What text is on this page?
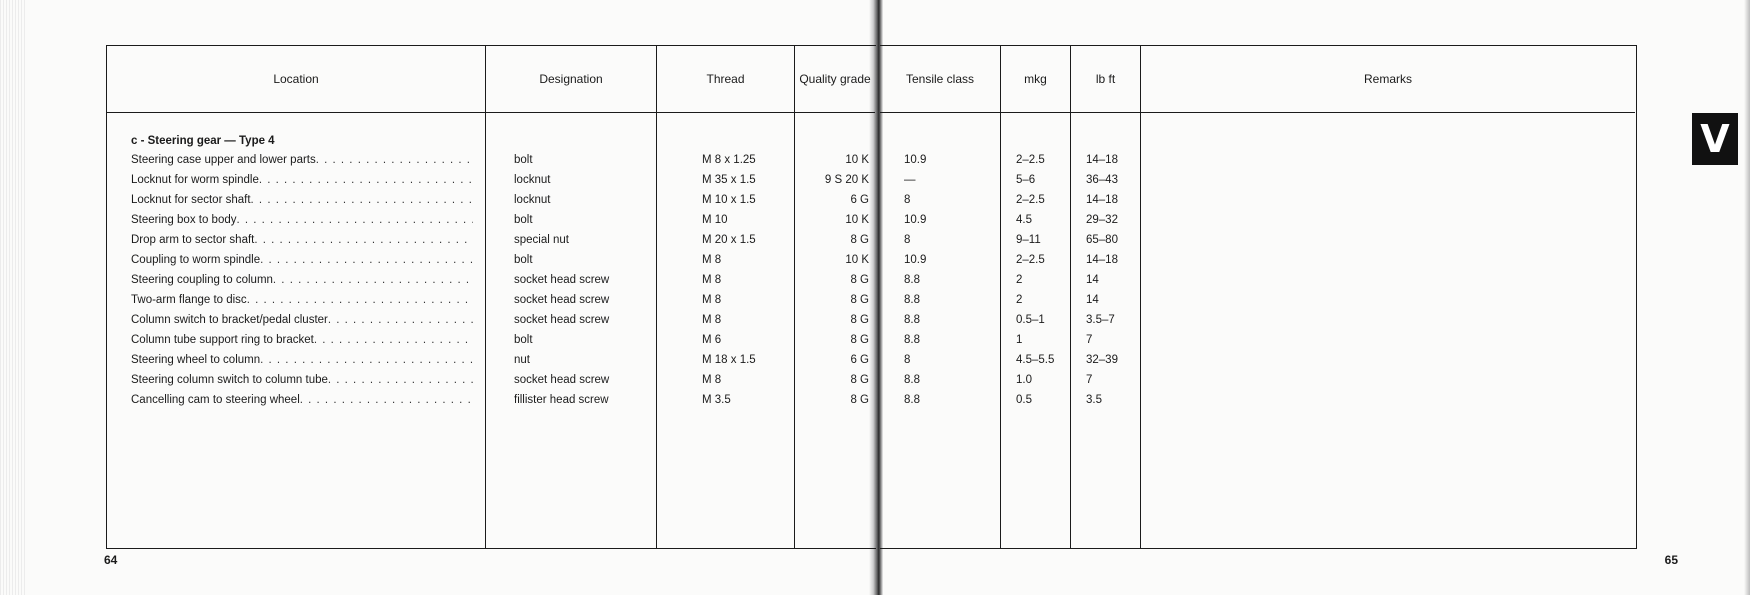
Location
c - Steering gear — Type 4
Steering case upper and lower parts
. . .
Locknut for worm spindle
. . .
Locknut for sector shaft
. . .
Steering box to body
. . .
Drop arm to sector shaft
. . .
Coupling to worm spindle
. . .
Steering coupling to column
. . .
Two-arm flange to disc
. . .
Column switch to bracket/pedal cluster
. . .
Column tube support ring to bracket
. . .
Steering wheel to column
. . .
Steering column switch to column tube
. . .
Cancelling cam to steering wheel
. . .
Designation
bolt
locknut
locknut
bolt
special nut
bolt
socket head screw
socket head screw
socket head screw
bolt
nut
socket head screw
fillister head screw
Thread
M 8 x 1.25
M 35 x 1.5
M 10 x 1.5
M 10
M 20 x 1.5
M 8
M 8
M 8
M 8
M 6
M 18 x 1.5
M 8
M 3.5
Quality grade
10 K
9 S 20 K
6 G
10 K
8 G
10 K
8 G
8 G
8 G
8 G
6 G
8 G
8 G
Tensile class
10.9
—
8
10.9
8
10.9
8.8
8.8
8.8
8.8
8
8.8
8.8
mkg
2–2.5
5–6
2–2.5
4.5
9–11
2–2.5
2
2
0.5–1
1
4.5–5.5
1.0
0.5
lb ft
14–18
36–43
14–18
29–32
65–80
14–18
14
14
3.5–7
7
32–39
7
3.5
Remarks
64	65
V
